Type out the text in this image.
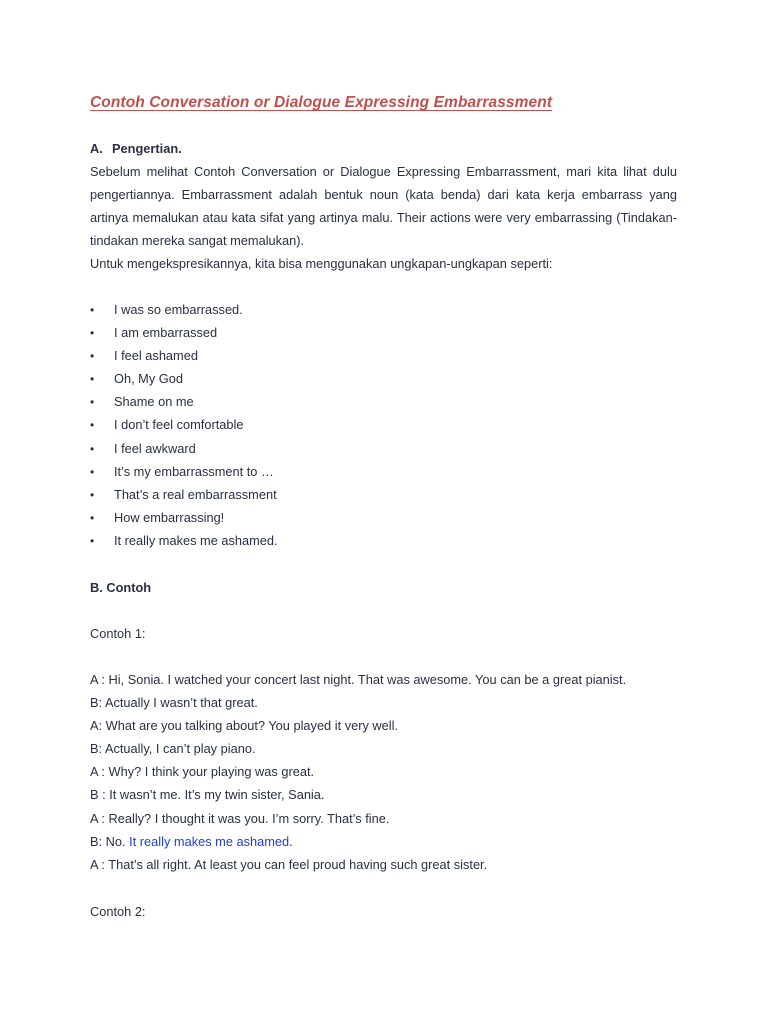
Contoh Conversation or Dialogue Expressing Embarrassment
A. Pengertian.
Sebelum melihat Contoh Conversation or Dialogue Expressing Embarrassment, mari kita lihat dulu
pengertiannya. Embarrassment adalah bentuk noun (kata benda) dari kata kerja embarrass yang
artinya memalukan atau kata sifat yang artinya malu. Their actions were very embarrassing (Tindakan-
tindakan mereka sangat memalukan).
Untuk mengekspresikannya, kita bisa menggunakan ungkapan-ungkapan seperti:
• I was so embarrassed.
• I am embarrassed
• I feel ashamed
• Oh, My God
• Shame on me
• I don’t feel comfortable
• I feel awkward
• It’s my embarrassment to …
• That’s a real embarrassment
• How embarrassing!
• It really makes me ashamed.
B. Contoh
Contoh 1:
A : Hi, Sonia. I watched your concert last night. That was awesome. You can be a great pianist.
B: Actually I wasn’t that great.
A: What are you talking about? You played it very well.
B: Actually, I can’t play piano.
A : Why? I think your playing was great.
B : It wasn’t me. It’s my twin sister, Sania.
A : Really? I thought it was you. I’m sorry. That’s fine.
B: No. It really makes me ashamed.
A : That’s all right. At least you can feel proud having such great sister.
Contoh 2:
